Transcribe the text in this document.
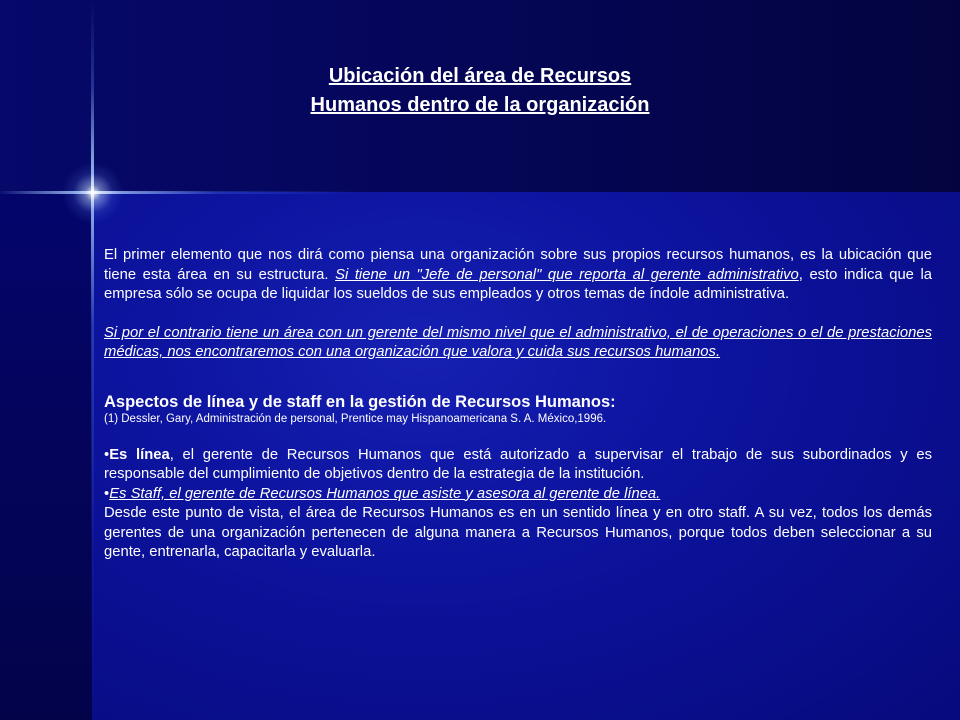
Ubicación del área de Recursos
Humanos dentro de la organización

El primer elemento que nos dirá como piensa una organización sobre sus propios recursos humanos, es la ubicación que tiene esta área en su estructura. Si tiene un "Jefe de personal" que reporta al gerente administrativo, esto indica que la empresa sólo se ocupa de liquidar los sueldos de sus empleados y otros temas de índole administrativa.

Si por el contrario tiene un área con un gerente del mismo nivel que el administrativo, el de operaciones o el de prestaciones médicas, nos encontraremos con una organización que valora y cuida sus recursos humanos.

Aspectos de línea y de staff en la gestión de Recursos Humanos:

(1) Dessler, Gary, Administración de personal, Prentice may Hispanoamericana S. A. México,1996.

•Es línea, el gerente de Recursos Humanos que está autorizado a supervisar el trabajo de sus subordinados y es responsable del cumplimiento de objetivos dentro de la estrategia de la institución.

•Es Staff, el gerente de Recursos Humanos que asiste y asesora al gerente de línea.

Desde este punto de vista, el área de Recursos Humanos es en un sentido línea y en otro staff. A su vez, todos los demás gerentes de una organización pertenecen de alguna manera a Recursos Humanos, porque todos deben seleccionar a su gente, entrenarla, capacitarla y evaluarla.
